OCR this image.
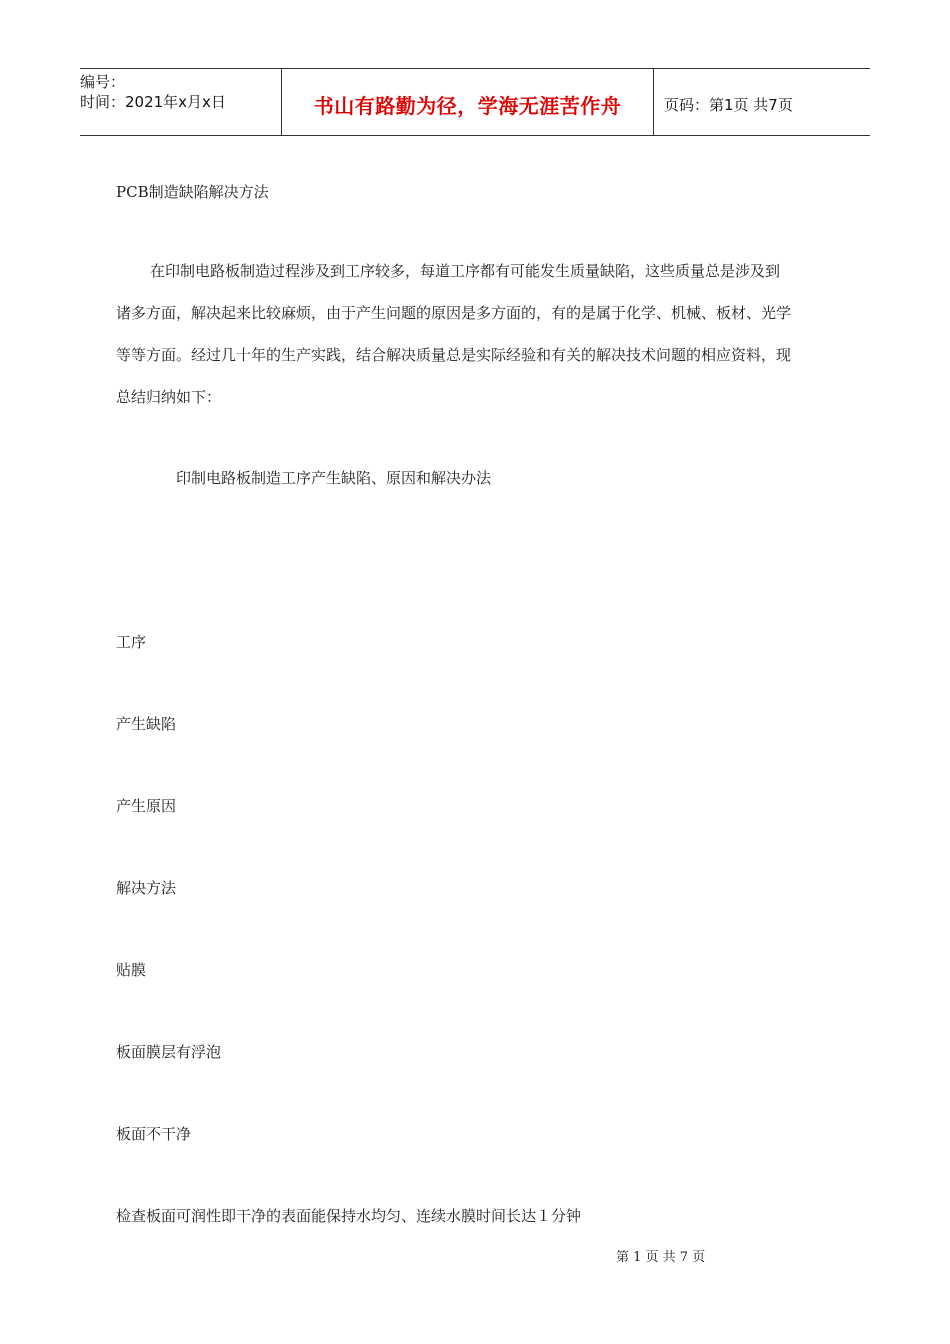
编号：
时间：2021年x月x日	书山有路勤为径，学海无涯苦作舟	页码：第1页 共7页
PCB制造缺陷解决方法
在印制电路板制造过程涉及到工序较多，每道工序都有可能发生质量缺陷，这些质量总是涉及到
诸多方面，解决起来比较麻烦，由于产生问题的原因是多方面的，有的是属于化学、机械、板材、光学
等等方面。经过几十年的生产实践，结合解决质量总是实际经验和有关的解决技术问题的相应资料，现
总结归纳如下：
印制电路板制造工序产生缺陷、原因和解决办法
工序
产生缺陷
产生原因
解决方法
贴膜
板面膜层有浮泡
板面不干净
检查板面可润性即干净的表面能保持水均匀、连续水膜时间长达１分钟
第 1 页 共 7 页
